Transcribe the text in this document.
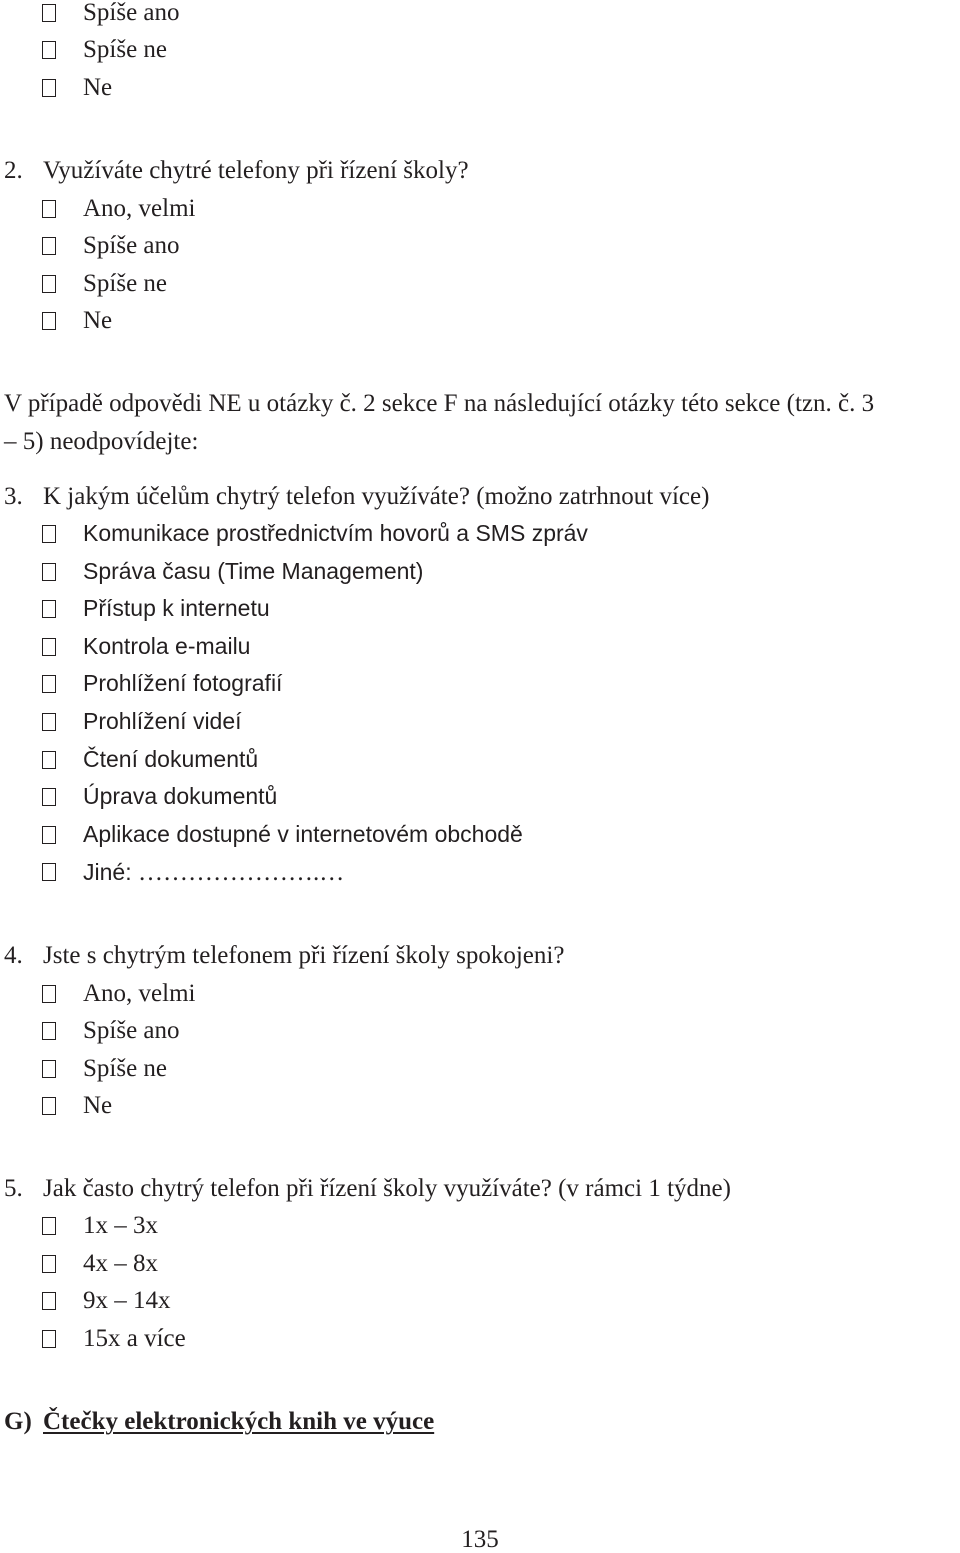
Spíše ano
Spíše ne
Ne
2. Využíváte chytré telefony při řízení školy?
Ano, velmi
Spíše ano
Spíše ne
Ne
V případě odpovědi NE u otázky č. 2 sekce F na následující otázky této sekce (tzn. č. 3
– 5) neodpovídejte:
3. K jakým účelům chytrý telefon využíváte? (možno zatrhnout více)
Komunikace prostřednictvím hovorů a SMS zpráv
Správa času (Time Management)
Přístup k internetu
Kontrola e-mailu
Prohlížení fotografií
Prohlížení videí
Čtení dokumentů
Úprava dokumentů
Aplikace dostupné v internetovém obchodě
Jiné: ………………….…
4. Jste s chytrým telefonem při řízení školy spokojeni?
Ano, velmi
Spíše ano
Spíše ne
Ne
5. Jak často chytrý telefon při řízení školy využíváte? (v rámci 1 týdne)
1x – 3x
4x – 8x
9x – 14x
15x a více
G) Čtečky elektronických knih ve výuce
135
